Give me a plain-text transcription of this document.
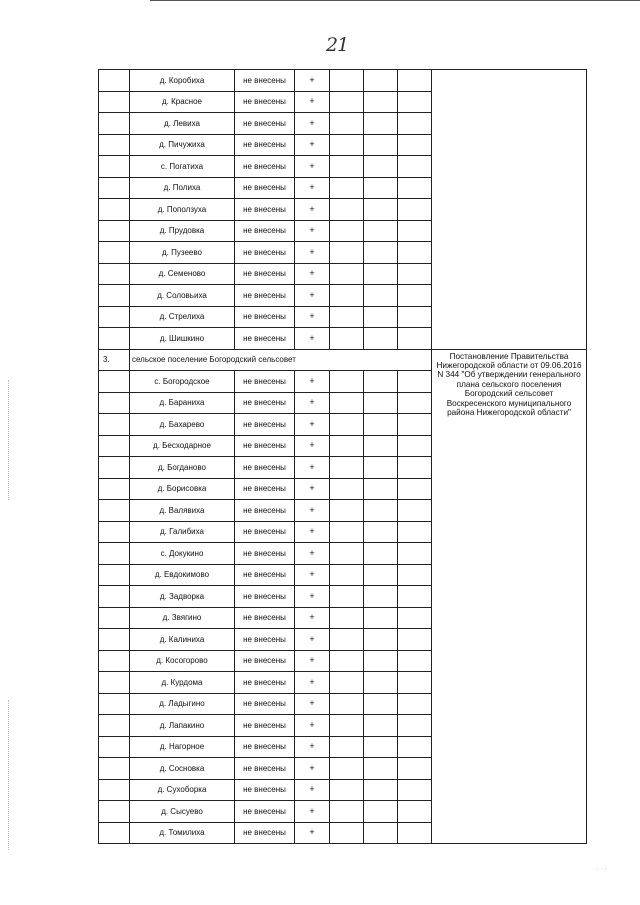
21
	д. Коробиха	не внесены	+				
	д. Красное	не внесены	+				
	д. Левиха	не внесены	+				
	д. Пичужиха	не внесены	+				
	с. Погатиха	не внесены	+				
	д. Полиха	не внесены	+				
	д. Поползуха	не внесены	+				
	д. Прудовка	не внесены	+				
	д. Пузеево	не внесены	+				
	д. Семеново	не внесены	+				
	д. Соловьиха	не внесены	+				
	д. Стрелиха	не внесены	+				
	д. Шишкино	не внесены	+				
3.	сельское поселение Богородский сельсовет						Постановление Правительства Нижегородской области от 09.06.2016 N 344 "Об утверждении генерального плана сельского поселения Богородский сельсовет Воскресенского муниципального района Нижегородской области"
	с. Богородское	не внесены	+				
	д. Бараниха	не внесены	+				
	д. Бахарево	не внесены	+				
	д. Бесходарное	не внесены	+				
	д. Богданово	не внесены	+				
	д. Борисовка	не внесены	+				
	д. Валявиха	не внесены	+				
	д. Галибиха	не внесены	+				
	с. Докукино	не внесены	+				
	д. Евдокимово	не внесены	+				
	д. Задворка	не внесены	+				
	д. Звягино	не внесены	+				
	д. Калиниха	не внесены	+				
	д. Косогорово	не внесены	+				
	д. Курдома	не внесены	+				
	д. Ладыгино	не внесены	+				
	д. Лапакино	не внесены	+				
	д. Нагорное	не внесены	+				
	д. Сосновка	не внесены	+				
	д. Сухоборка	не внесены	+				
	д. Сысуево	не внесены	+				
	д. Томилиха	не внесены	+				
· · ·
